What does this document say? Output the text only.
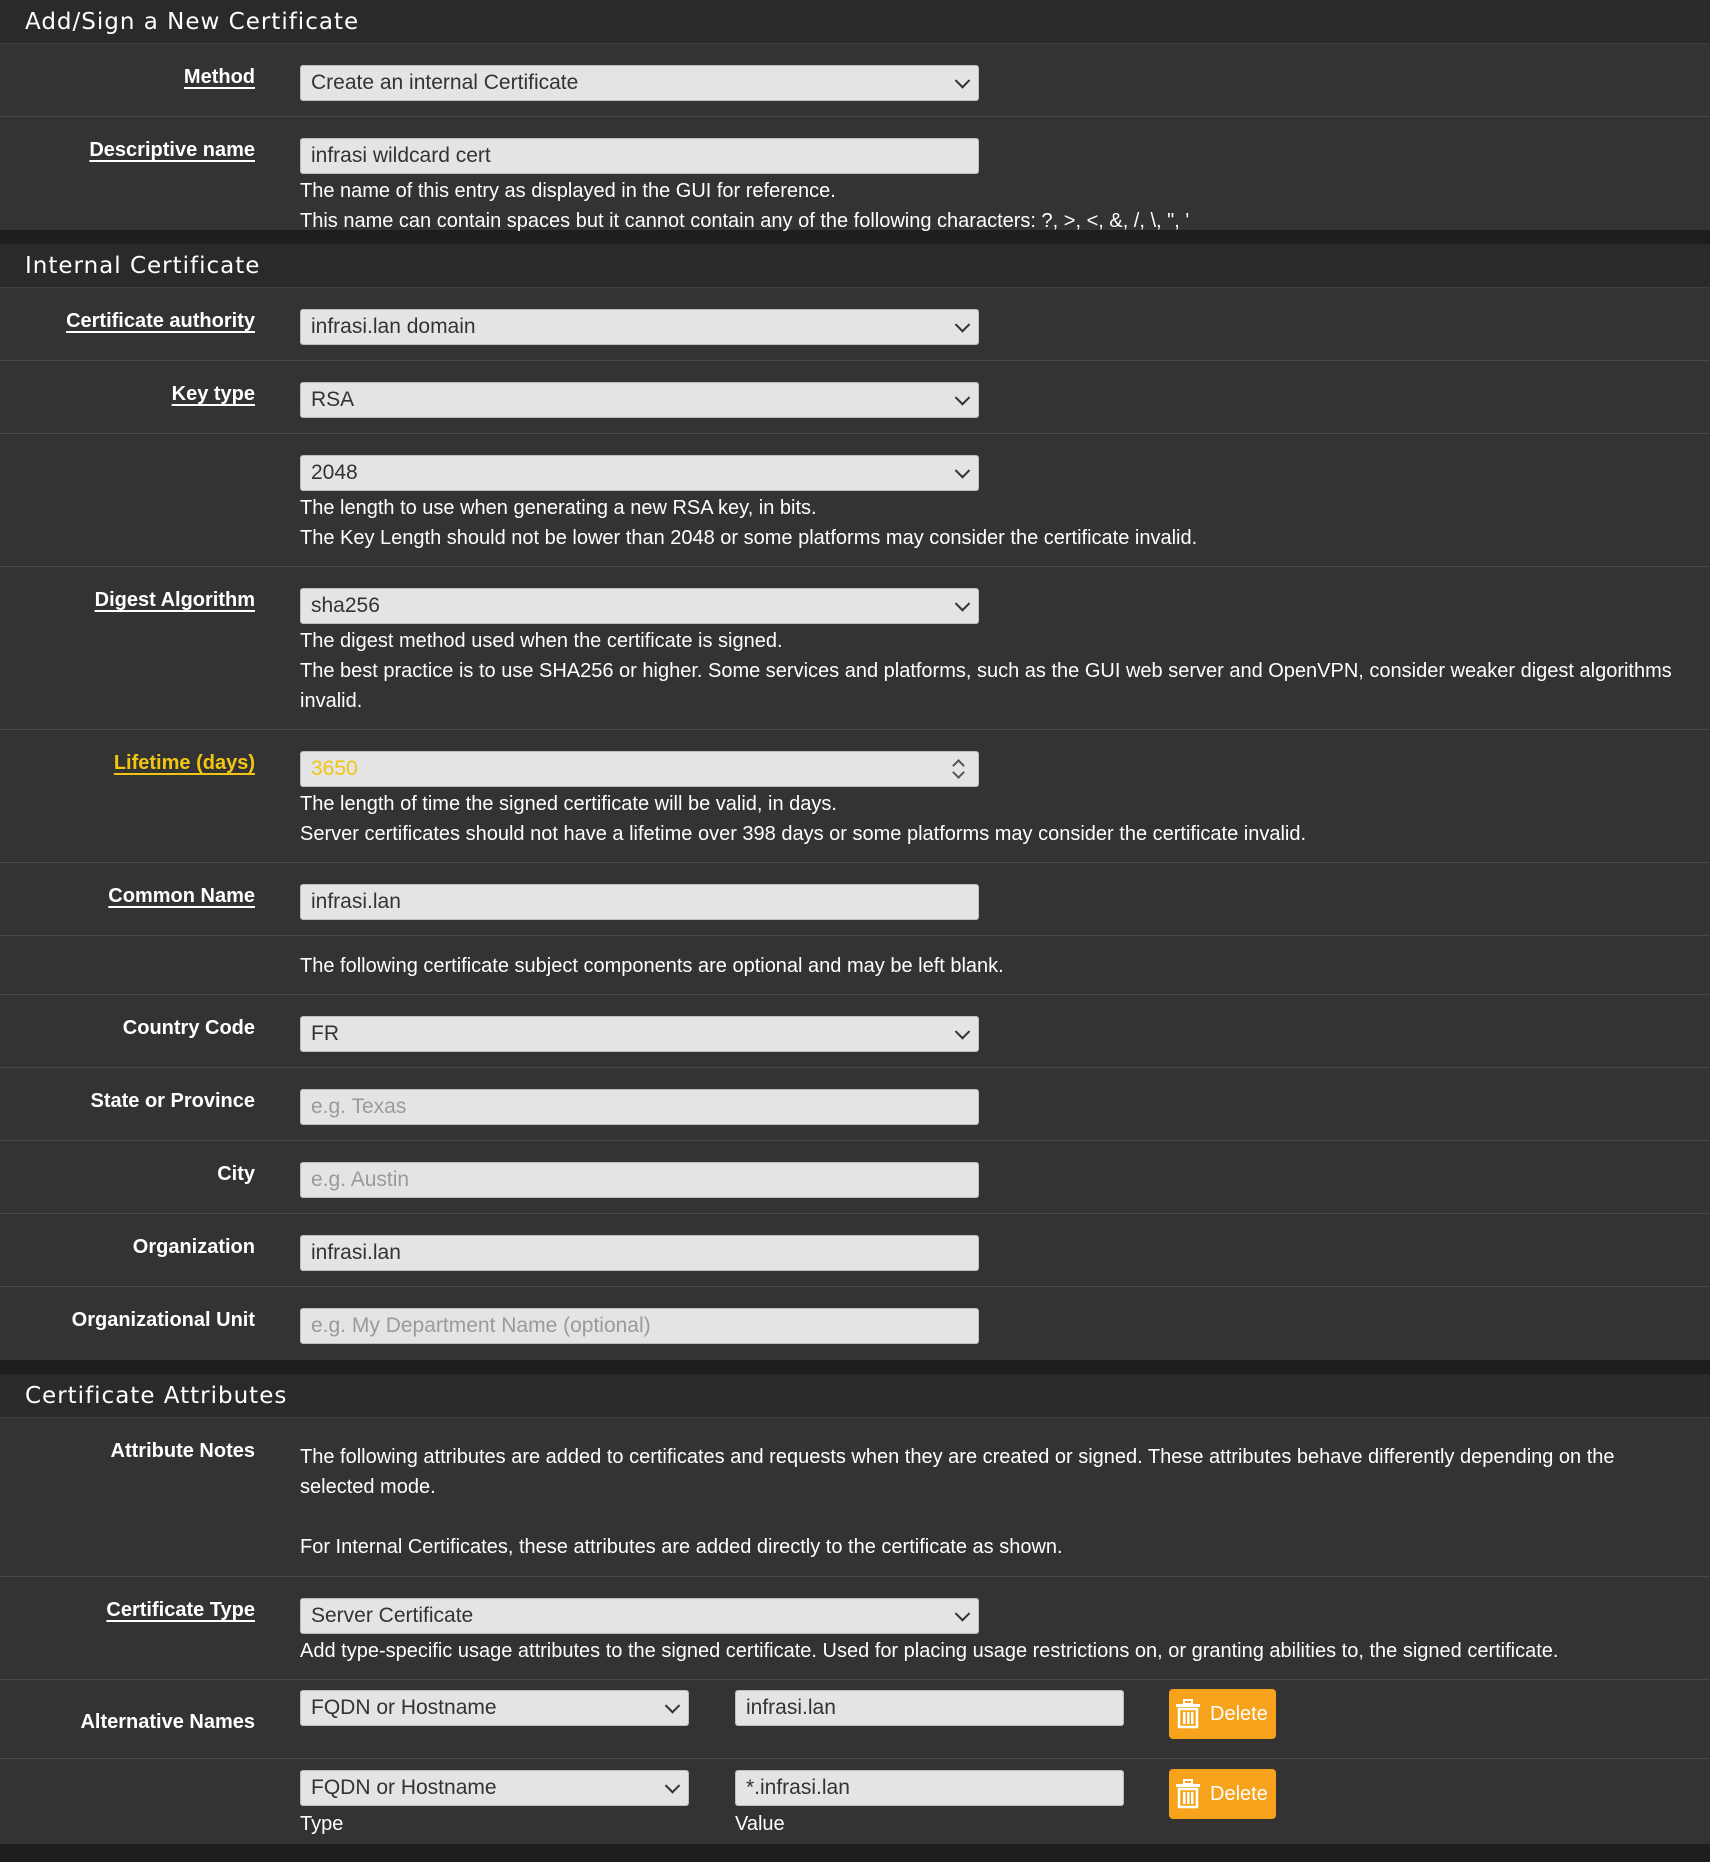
Add/Sign a New Certificate
Method	Create an internal Certificate
Descriptive name	infrasi wildcard cert
The name of this entry as displayed in the GUI for reference.
This name can contain spaces but it cannot contain any of the following characters: ?, >, <, &, /, \, ", '
Internal Certificate
Certificate authority	infrasi.lan domain
Key type	RSA
2048
The length to use when generating a new RSA key, in bits.
The Key Length should not be lower than 2048 or some platforms may consider the certificate invalid.
Digest Algorithm	sha256
The digest method used when the certificate is signed.
The best practice is to use SHA256 or higher. Some services and platforms, such as the GUI web server and OpenVPN, consider weaker digest algorithms invalid.
Lifetime (days)	3650
The length of time the signed certificate will be valid, in days.
Server certificates should not have a lifetime over 398 days or some platforms may consider the certificate invalid.
Common Name	infrasi.lan
The following certificate subject components are optional and may be left blank.
Country Code	FR
State or Province	e.g. Texas
City	e.g. Austin
Organization	infrasi.lan
Organizational Unit	e.g. My Department Name (optional)
Certificate Attributes
Attribute Notes The following attributes are added to certificates and requests when they are created or signed. These attributes behave differently depending on the selected mode.
For Internal Certificates, these attributes are added directly to the certificate as shown.
Certificate Type	Server Certificate
Add type-specific usage attributes to the signed certificate. Used for placing usage restrictions on, or granting abilities to, the signed certificate.
Alternative Names
FQDN or Hostname	infrasi.lan	Delete
FQDN or Hostname	*.infrasi.lan	Delete
Type	Value
